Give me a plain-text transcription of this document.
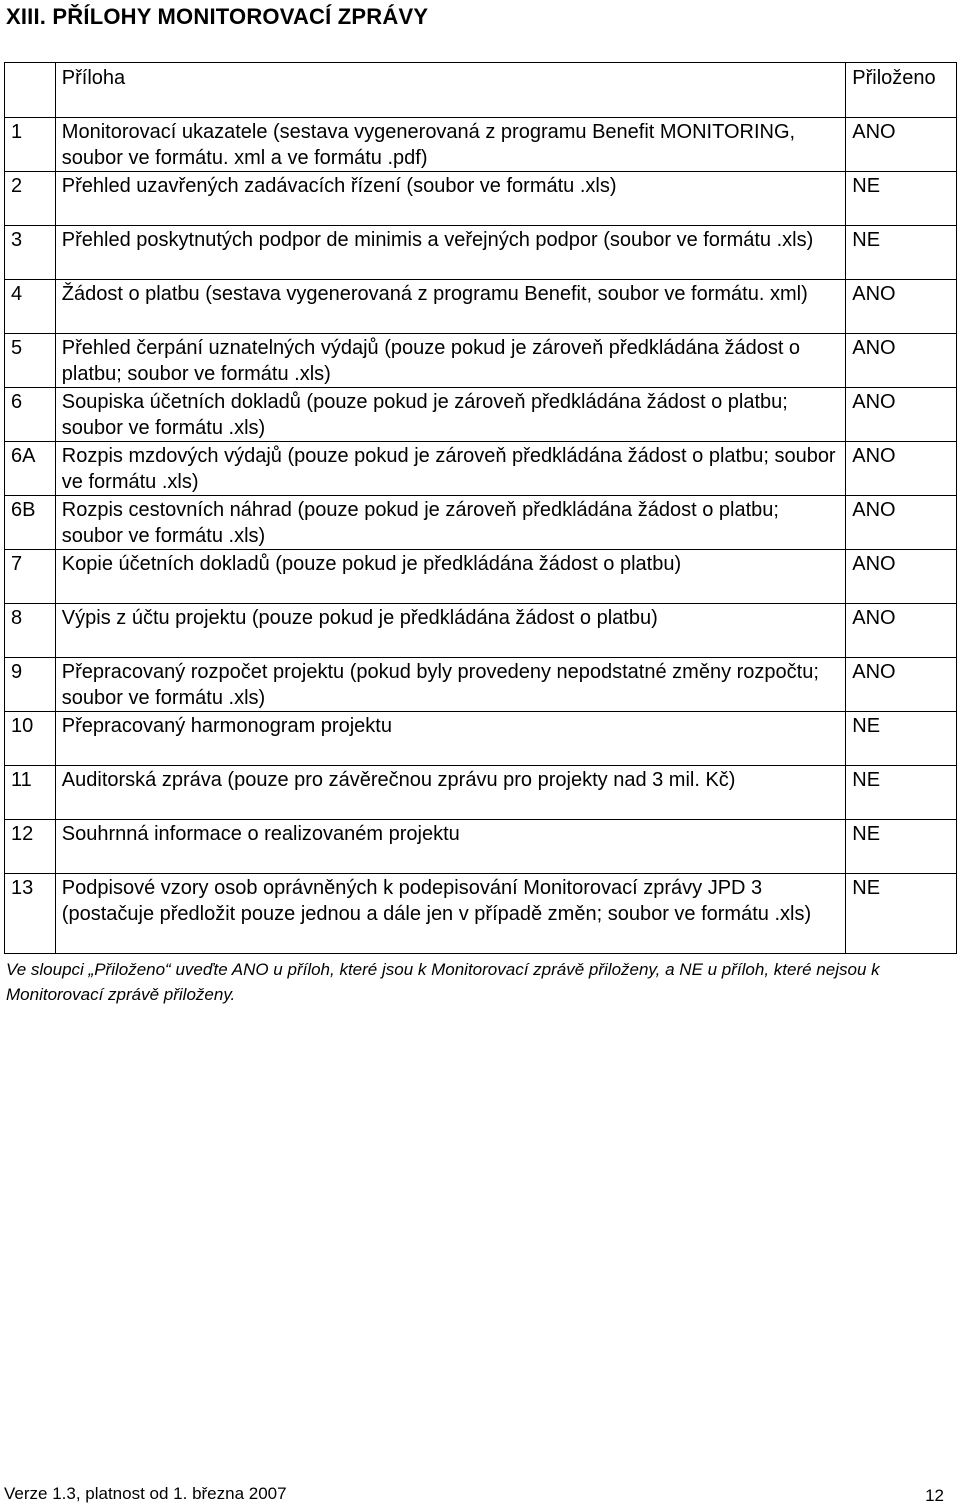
XIII. PŘÍLOHY MONITOROVACÍ ZPRÁVY
	Příloha	Přiloženo
1	Monitorovací ukazatele (sestava vygenerovaná z programu Benefit MONITORING, soubor ve formátu. xml a ve formátu .pdf)	ANO
2	Přehled uzavřených zadávacích řízení (soubor ve formátu .xls)	NE
3	Přehled poskytnutých podpor de minimis a veřejných podpor (soubor ve formátu .xls)	NE
4	Žádost o platbu (sestava vygenerovaná z programu Benefit, soubor ve formátu. xml)	ANO
5	Přehled čerpání uznatelných výdajů (pouze pokud je zároveň předkládána žádost o platbu; soubor ve formátu .xls)	ANO
6	Soupiska účetních dokladů (pouze pokud je zároveň předkládána žádost o platbu; soubor ve formátu .xls)	ANO
6A	Rozpis mzdových výdajů (pouze pokud je zároveň předkládána žádost o platbu; soubor ve formátu .xls)	ANO
6B	Rozpis cestovních náhrad (pouze pokud je zároveň předkládána žádost o platbu; soubor ve formátu .xls)	ANO
7	Kopie účetních dokladů (pouze pokud je předkládána žádost o platbu)	ANO
8	Výpis z účtu projektu (pouze pokud je předkládána žádost o platbu)	ANO
9	Přepracovaný rozpočet projektu (pokud byly provedeny nepodstatné změny rozpočtu; soubor ve formátu .xls)	ANO
10	Přepracovaný harmonogram projektu	NE
11	Auditorská zpráva (pouze pro závěrečnou zprávu pro projekty nad 3 mil. Kč)	NE
12	Souhrnná informace o realizovaném projektu	NE
13	Podpisové vzory osob oprávněných k podepisování Monitorovací zprávy JPD 3 (postačuje předložit pouze jednou a dále jen v případě změn; soubor ve formátu .xls)	NE

Ve sloupci „Přiloženo“ uveďte ANO u příloh, které jsou k Monitorovací zprávě přiloženy, a NE u příloh, které nejsou k Monitorovací zprávě přiloženy.

Verze 1.3, platnost od 1. března 2007	12
